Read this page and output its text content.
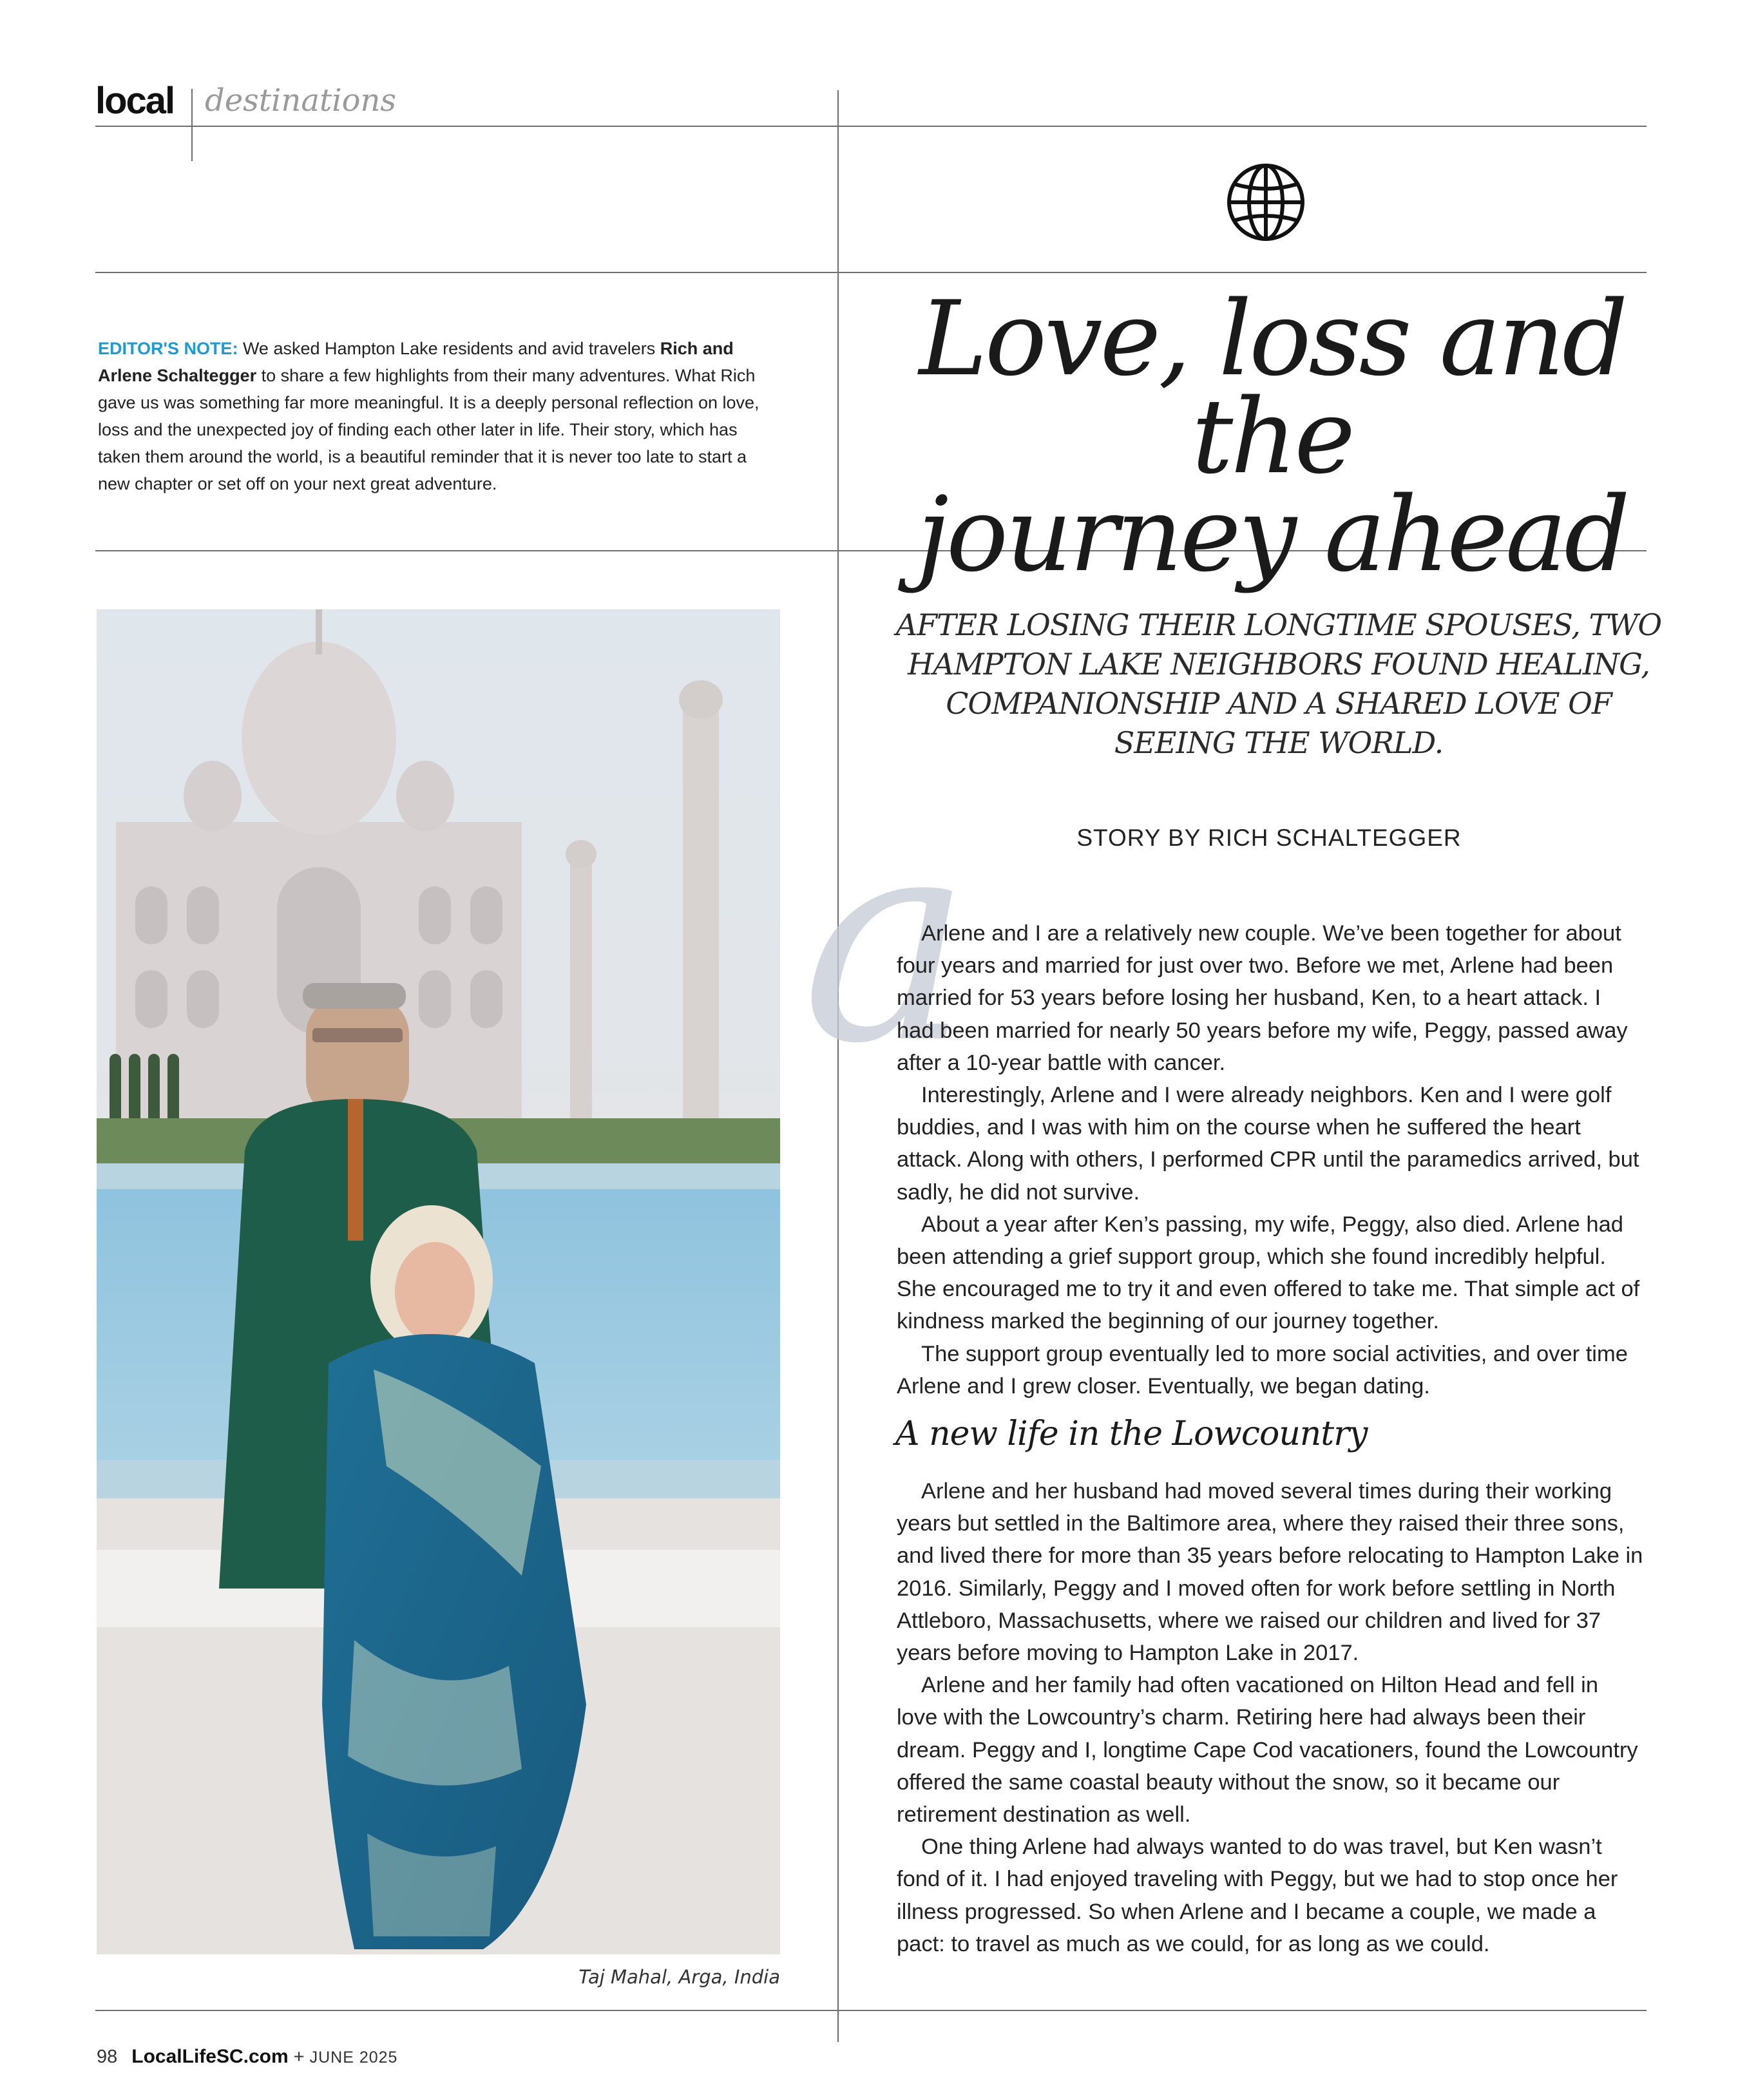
local destinations
EDITOR'S NOTE: We asked Hampton Lake residents and avid travelers Rich and Arlene Schaltegger to share a few highlights from their many adventures. What Rich gave us was something far more meaningful. It is a deeply personal reflection on love, loss and the unexpected joy of finding each other later in life. Their story, which has taken them around the world, is a beautiful reminder that it is never too late to start a new chapter or set off on your next great adventure.
Love, loss and the
journey ahead
AFTER LOSING THEIR LONGTIME SPOUSES, TWO HAMPTON LAKE NEIGHBORS FOUND HEALING, COMPANIONSHIP AND A SHARED LOVE OF SEEING THE WORLD.
a	STORY BY RICH SCHALTEGGER

Arlene and I are a relatively new couple. We’ve been together for about four years and married for just over two. Before we met, Arlene had been married for 53 years before losing her husband, Ken, to a heart attack. I had been married for nearly 50 years before my wife, Peggy, passed away after a 10-year battle with cancer.

Interestingly, Arlene and I were already neighbors. Ken and I were golf buddies, and I was with him on the course when he suffered the heart attack. Along with others, I performed CPR until the paramedics arrived, but sadly, he did not survive.

About a year after Ken’s passing, my wife, Peggy, also died. Arlene had been attending a grief support group, which she found incredibly helpful. She encouraged me to try it and even offered to take me. That simple act of kindness marked the beginning of our journey together.

The support group eventually led to more social activities, and over time Arlene and I grew closer. Eventually, we began dating.

A new life in the Lowcountry

Arlene and her husband had moved several times during their working years but settled in the Baltimore area, where they raised their three sons, and lived there for more than 35 years before relocating to Hampton Lake in 2016. Similarly, Peggy and I moved often for work before settling in North Attleboro, Massachusetts, where we raised our children and lived for 37 years before moving to Hampton Lake in 2017.

Arlene and her family had often vacationed on Hilton Head and fell in love with the Lowcountry’s charm. Retiring here had always been their dream. Peggy and I, longtime Cape Cod vacationers, found the Lowcountry offered the same coastal beauty without the snow, so it became our retirement destination as well.

One thing Arlene had always wanted to do was travel, but Ken wasn’t fond of it. I had enjoyed traveling with Peggy, but we had to stop once her illness progressed. So when Arlene and I became a couple, we made a pact: to travel as much as we could, for as long as we could.

Taj Mahal, Arga, India
98 LocalLifeSC.com + JUNE 2025
